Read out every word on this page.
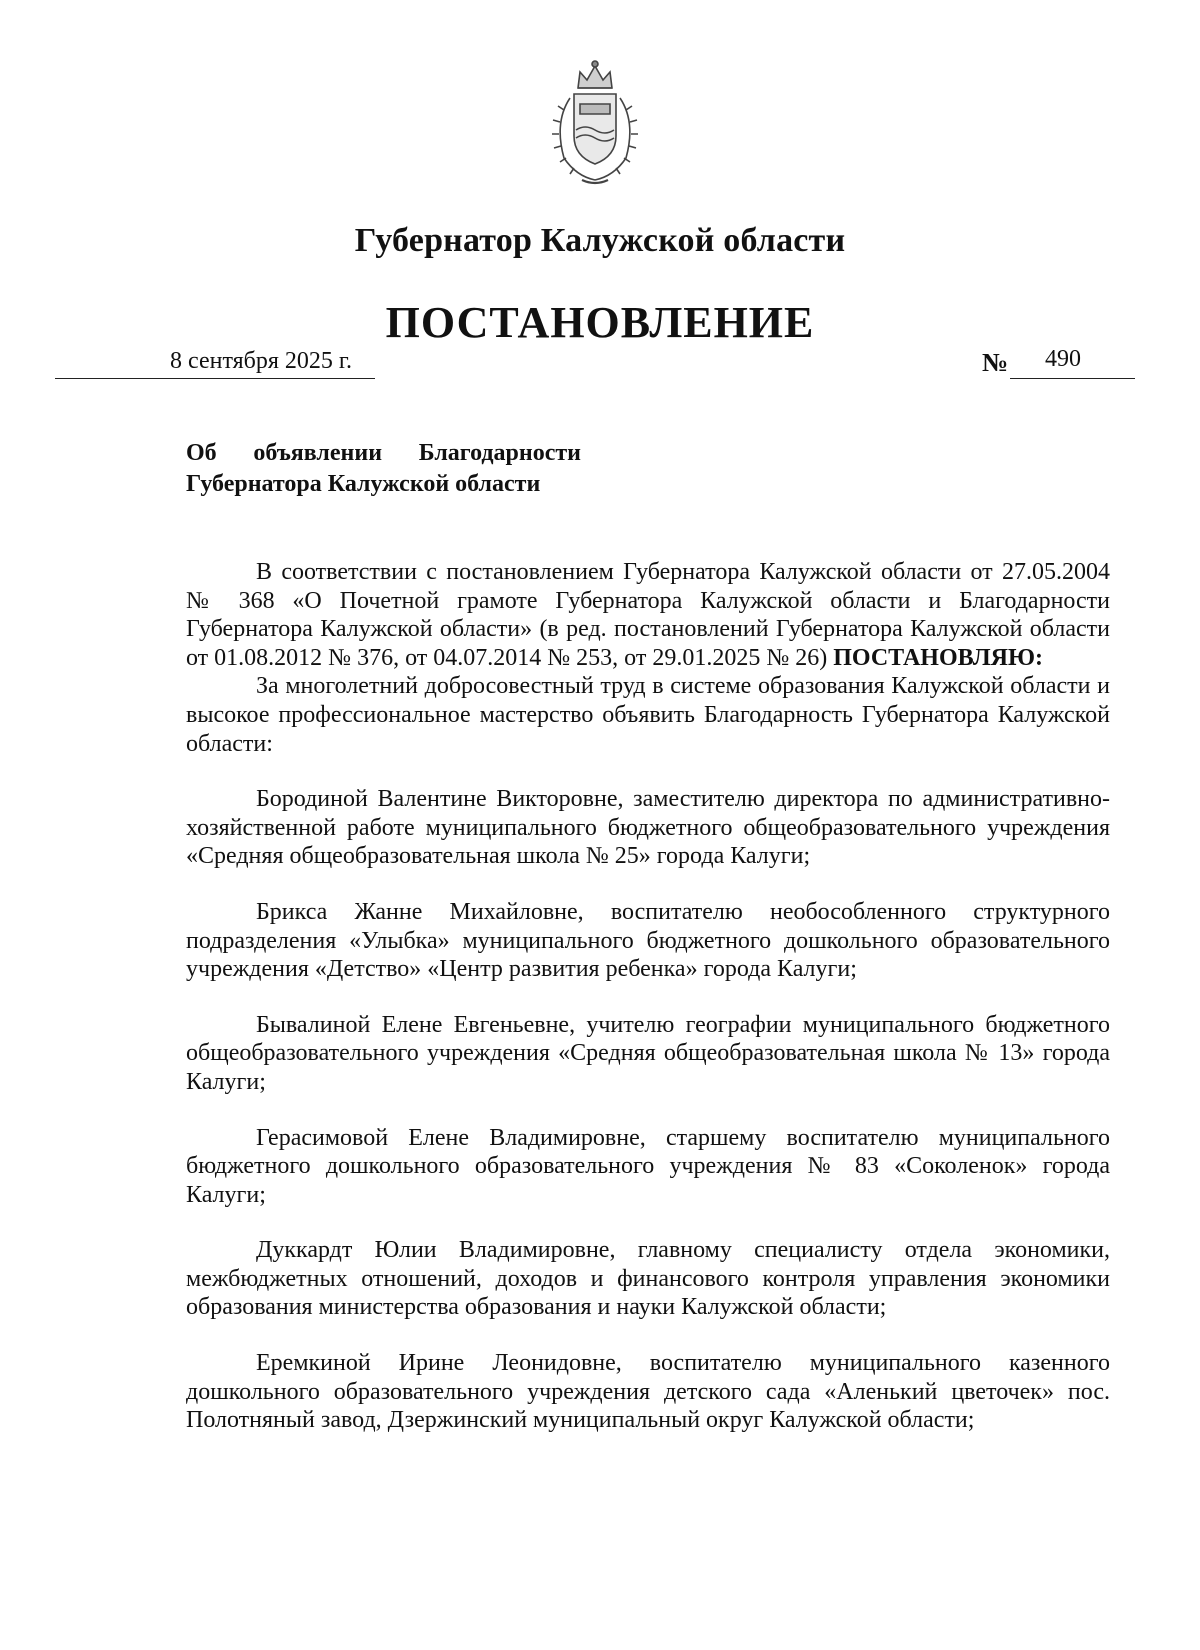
Губернатор Калужской области
ПОСТАНОВЛЕНИЕ
8 сентября 2025 г.	№ 490
Об объявлении Благодарности
Губернатора Калужской области

В соответствии с постановлением Губернатора Калужской области от 27.05.2004 № 368 «О Почетной грамоте Губернатора Калужской области и Благодарности Губернатора Калужской области» (в ред. постановлений Губернатора Калужской области от 01.08.2012 № 376, от 04.07.2014 № 253, от 29.01.2025 № 26) ПОСТАНОВЛЯЮ:

За многолетний добросовестный труд в системе образования Калужской области и высокое профессиональное мастерство объявить Благодарность Губернатора Калужской области:

Бородиной Валентине Викторовне, заместителю директора по административно-хозяйственной работе муниципального бюджетного общеобразовательного учреждения «Средняя общеобразовательная школа № 25» города Калуги;

Брикса Жанне Михайловне, воспитателю необособленного структурного подразделения «Улыбка» муниципального бюджетного дошкольного образовательного учреждения «Детство» «Центр развития ребенка» города Калуги;

Бывалиной Елене Евгеньевне, учителю географии муниципального бюджетного общеобразовательного учреждения «Средняя общеобразовательная школа № 13» города Калуги;

Герасимовой Елене Владимировне, старшему воспитателю муниципального бюджетного дошкольного образовательного учреждения № 83 «Соколенок» города Калуги;

Дуккардт Юлии Владимировне, главному специалисту отдела экономики, межбюджетных отношений, доходов и финансового контроля управления экономики образования министерства образования и науки Калужской области;

Еремкиной Ирине Леонидовне, воспитателю муниципального казенного дошкольного образовательного учреждения детского сада «Аленький цветочек» пос. Полотняный завод, Дзержинский муниципальный округ Калужской области;
